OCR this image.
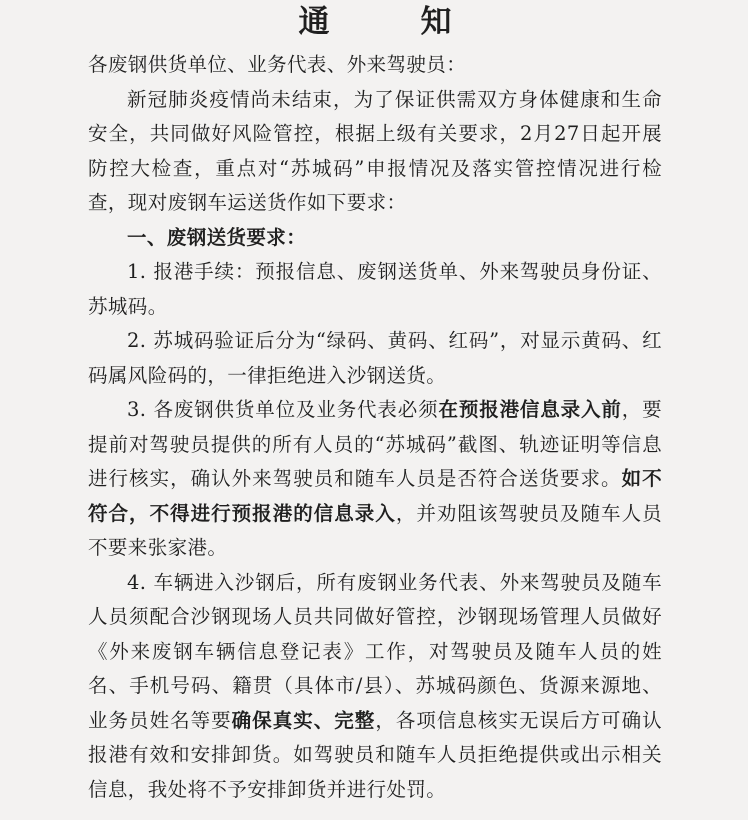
通　知

各废钢供货单位、业务代表、外来驾驶员：

新冠肺炎疫情尚未结束，为了保证供需双方身体健康和生命安全，共同做好风险管控，根据上级有关要求，2月27日起开展防控大检查，重点对“苏城码”申报情况及落实管控情况进行检查，现对废钢车运送货作如下要求：

一、废钢送货要求：

1. 报港手续：预报信息、废钢送货单、外来驾驶员身份证、苏城码。

2. 苏城码验证后分为“绿码、黄码、红码”，对显示黄码、红码属风险码的，一律拒绝进入沙钢送货。

3. 各废钢供货单位及业务代表必须在预报港信息录入前，要提前对驾驶员提供的所有人员的“苏城码”截图、轨迹证明等信息进行核实，确认外来驾驶员和随车人员是否符合送货要求。如不符合，不得进行预报港的信息录入，并劝阻该驾驶员及随车人员不要来张家港。

4. 车辆进入沙钢后，所有废钢业务代表、外来驾驶员及随车人员须配合沙钢现场人员共同做好管控，沙钢现场管理人员做好《外来废钢车辆信息登记表》工作，对驾驶员及随车人员的姓名、手机号码、籍贯（具体市/县）、苏城码颜色、货源来源地、业务员姓名等要确保真实、完整，各项信息核实无误后方可确认报港有效和安排卸货。如驾驶员和随车人员拒绝提供或出示相关信息，我处将不予安排卸货并进行处罚。
